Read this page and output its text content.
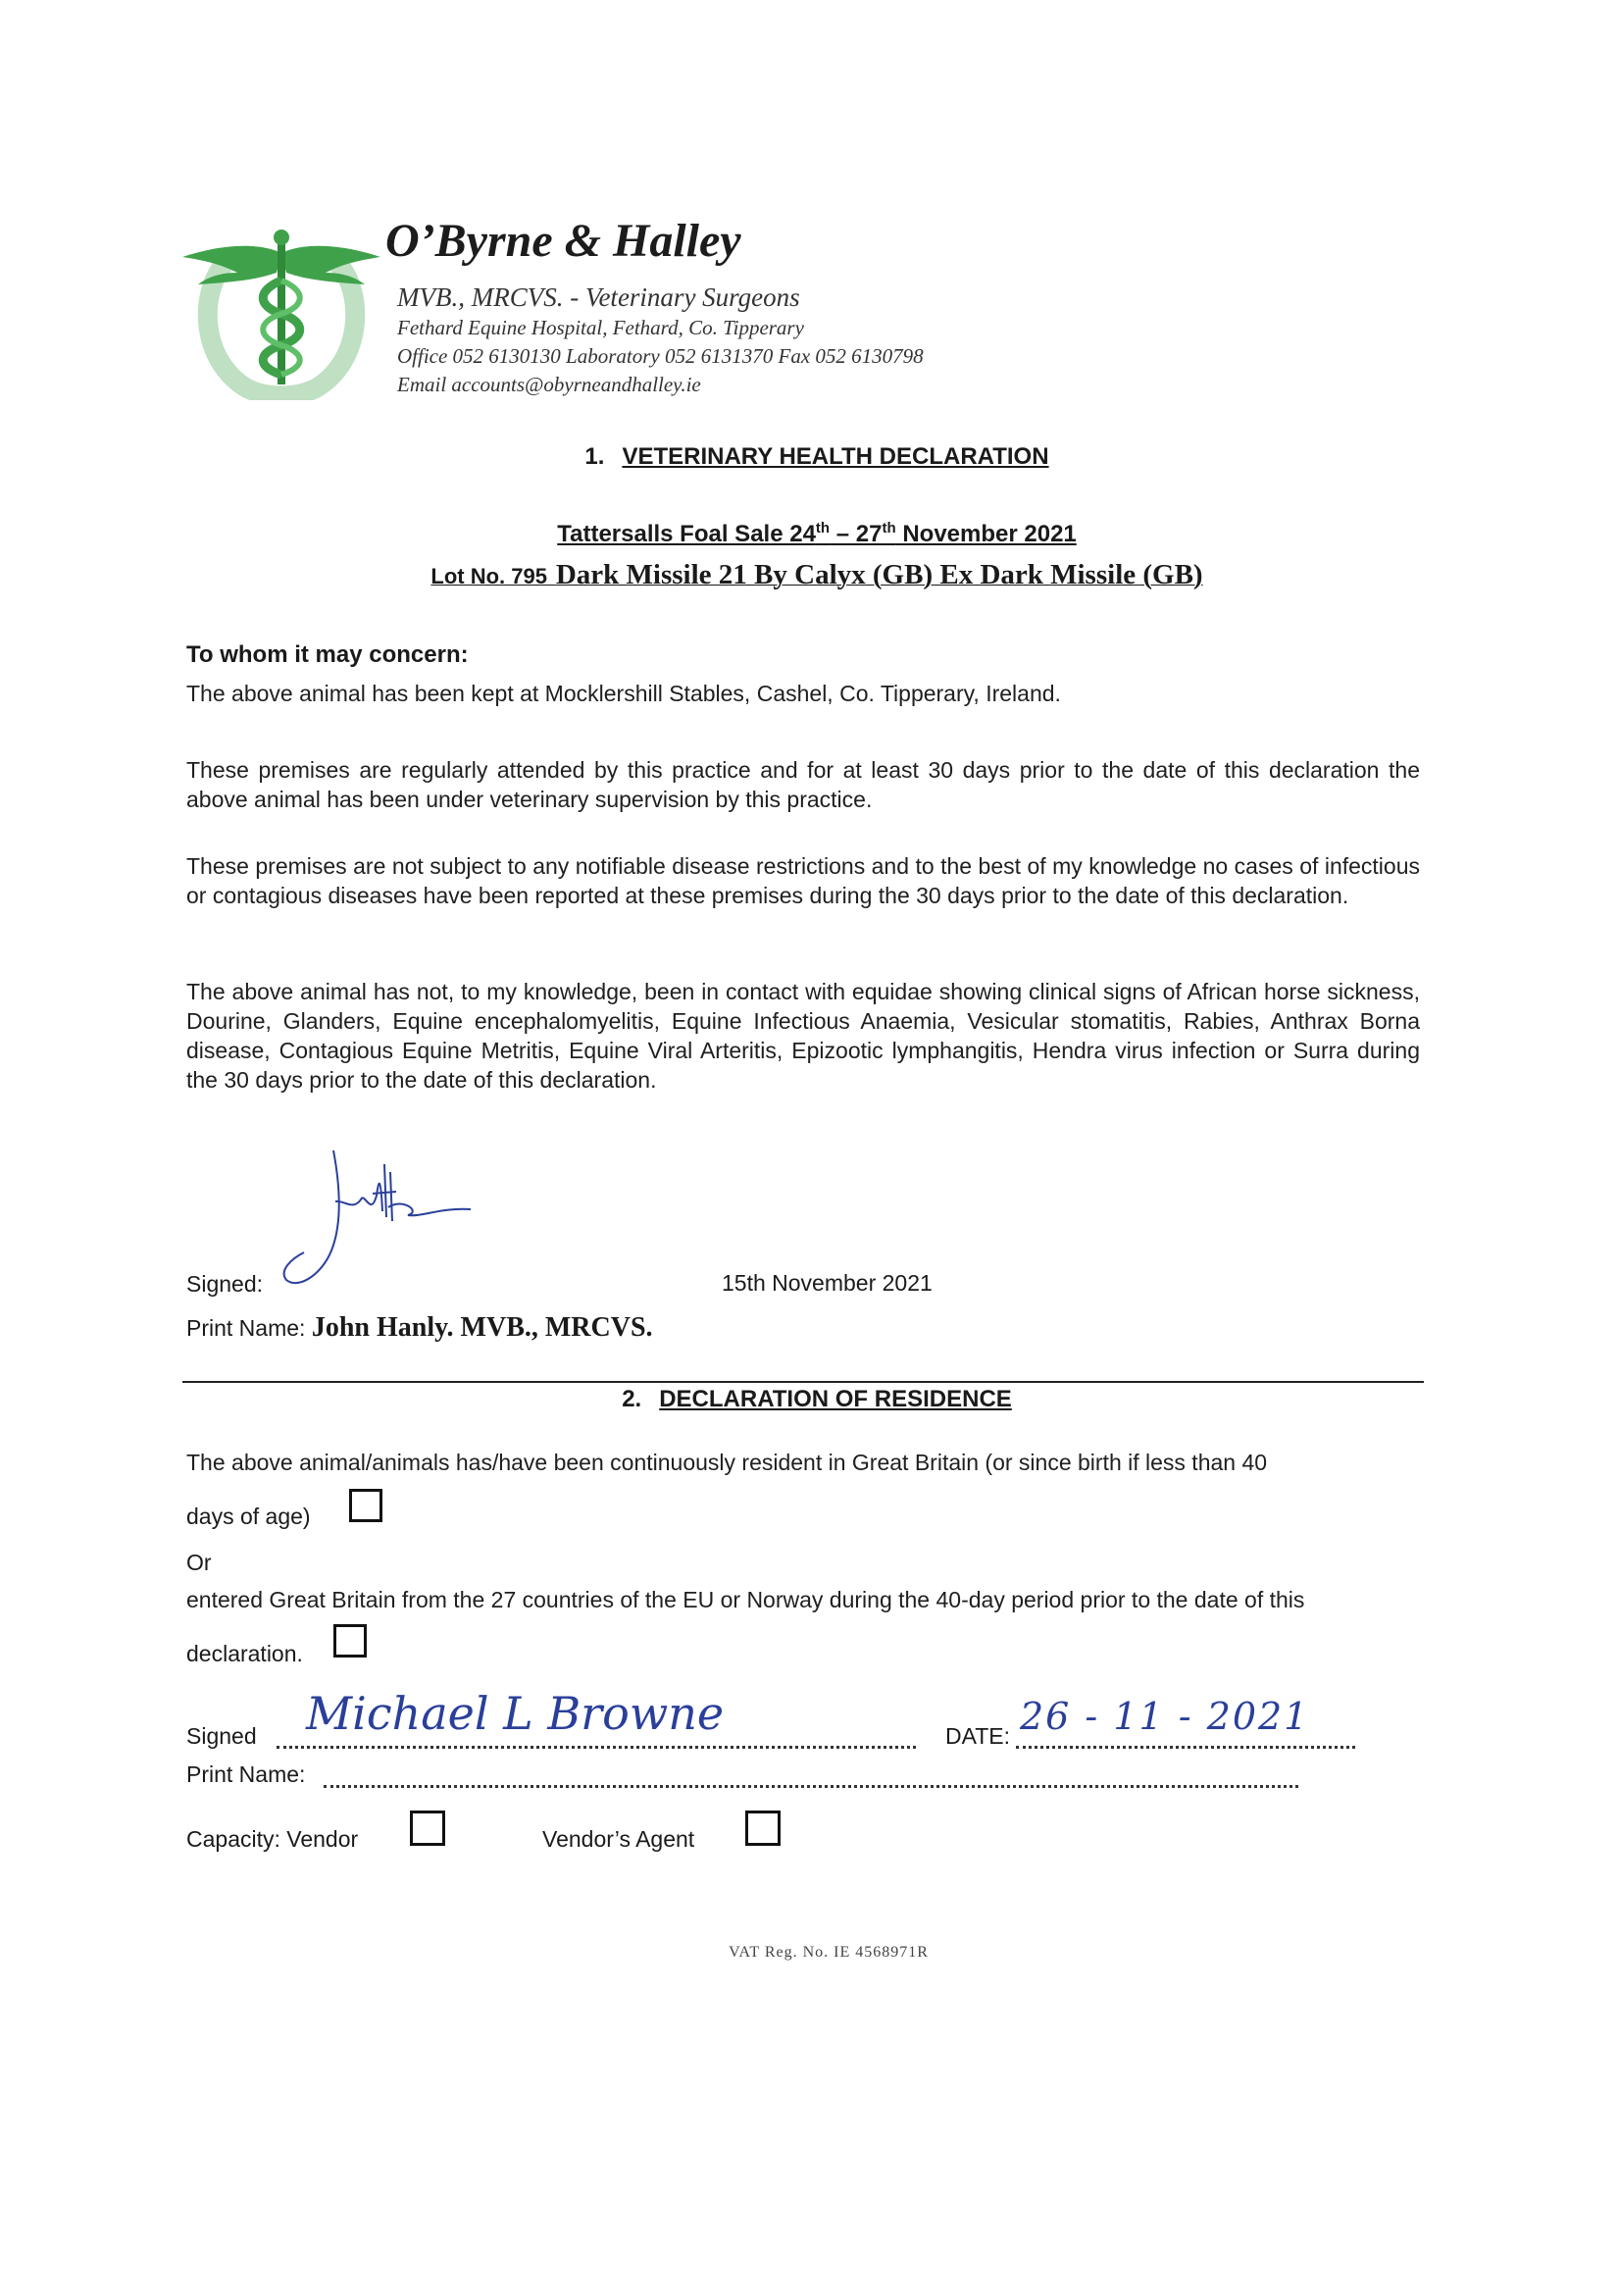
O’Byrne & Halley
MVB., MRCVS. - Veterinary Surgeons
Fethard Equine Hospital, Fethard, Co. Tipperary
Office 052 6130130 Laboratory 052 6131370 Fax 052 6130798
Email accounts@obyrneandhalley.ie
1. VETERINARY HEALTH DECLARATION
Tattersalls Foal Sale 24th – 27th November 2021
Lot No. 795 Dark Missile 21 By Calyx (GB) Ex Dark Missile (GB)
To whom it may concern:
The above animal has been kept at Mocklershill Stables, Cashel, Co. Tipperary, Ireland.
These premises are regularly attended by this practice and for at least 30 days prior to the date of this declaration the above animal has been under veterinary supervision by this practice.
These premises are not subject to any notifiable disease restrictions and to the best of my knowledge no cases of infectious or contagious diseases have been reported at these premises during the 30 days prior to the date of this declaration.
The above animal has not, to my knowledge, been in contact with equidae showing clinical signs of African horse sickness, Dourine, Glanders, Equine encephalomyelitis, Equine Infectious Anaemia, Vesicular stomatitis, Rabies, Anthrax Borna disease, Contagious Equine Metritis, Equine Viral Arteritis, Epizootic lymphangitis, Hendra virus infection or Surra during the 30 days prior to the date of this declaration.
Signed:	15th November 2021
Print Name: John Hanly. MVB., MRCVS.
2. DECLARATION OF RESIDENCE
The above animal/animals has/have been continuously resident in Great Britain (or since birth if less than 40
days of age)
Or
entered Great Britain from the 27 countries of the EU or Norway during the 40-day period prior to the date of this
declaration.
Signed Michael L Browne	DATE: 26 - 11 - 2021
Print Name:
Capacity: Vendor	Vendor’s Agent
VAT Reg. No. IE 4568971R
